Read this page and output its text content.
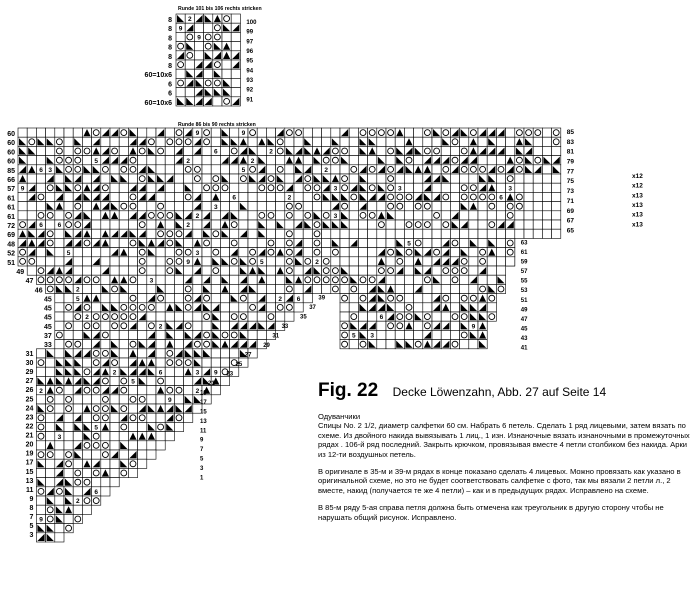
2
9
9
Runde 101 bis 106 rechts stricken
8
8
8
8
8
8
60=10x6
6
6
60=10x6
100
99
97
96
95
94
93
92
91
Runde 86 bis 90 rechts stricken
9	9
6	2
5	2	2
6 3	5	2
9	3	3	3
6	2	6
3
2	3
6 6	2
60
60
60
60
85
66
57
61
61
61
72
69
85
83
81
79
77
75
73
71
69
67
65
x12
x12
x13
x13
x13
x13
5	3
9	5	2
3
2
48
52
51
49
47
46
5	2 6
2
2
2	6	3 9
5
2	2
9
5
3
6
2
9
5
6
9
5 3
45
45
45
45
37
33
31
30
29
27
26
25
24
23
22
21
20
19
17
15
13
11
9
8
7
5
3
63
61
59
57
55
53
51
49
47
45
43
41
39
37
35
33
31
29
27
25
23
21
19
17
15
13
11
9
7
5
3
1
Fig. 22 Decke Löwenzahn, Abb. 27 auf Seite 14

Одуванчики

Спицы No. 2 1/2, диаметр салфетки 60 см. Набрать 6 петель. Сделать 1 ряд лицевыми, затем вязать по схеме. Из двойного накида вывязывать 1 лиц., 1 изн. Изнаночные вязать изнаночными в промежуточных рядах . 106-й ряд последний. Закрыть крючком, провязывая вместе 4 петли столбиком без накида. Арки из 12-ти воздушных петель.

В оригинале в 35-м и 39-м рядах в конце показано сделать 4 лицевых. Можно провязать как указано в оригинальной схеме, но это не будет соответствовать салфетке с фото, так мы вязали 2 петли л., 2 вместе, накид (получается те же 4 петли) – как и в предыдущих рядах. Исправлено на схеме.

В 85-м ряду 5-ая справа петля должна быть отмечена как треугольник в другую сторону чтобы не нарушать общий рисунок. Исправлено.
